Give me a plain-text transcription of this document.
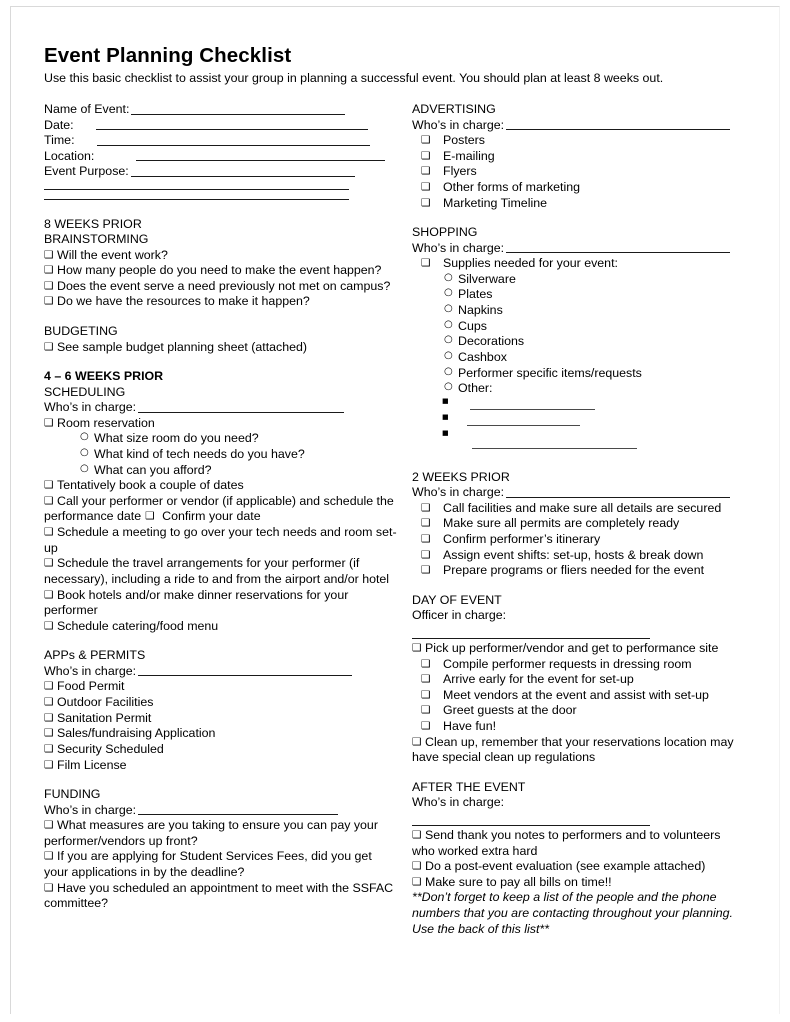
Event Planning Checklist

Use this basic checklist to assist your group in planning a successful event. You should plan at least 8 weeks out.

Name of Event:
Date:
Time:
Location:
Event Purpose:

8 WEEKS PRIOR

BRAINSTORMING

❑Will the event work?

❑How many people do you need to make the event happen?

❑Does the event serve a need previously not met on campus?

❑Do we have the resources to make it happen?

BUDGETING

❑See sample budget planning sheet (attached)

4 – 6 WEEKS PRIOR

SCHEDULING

Who’s in charge:

❑Room reservation

○
What size room do you need?

○
What kind of tech needs do you have?

○
What can you afford?

❑Tentatively book a couple of dates

❑Call your performer or vendor (if applicable) and schedule the performance date ❑ Confirm your date

❑Schedule a meeting to go over your tech needs and room set-up

❑Schedule the travel arrangements for your performer (if necessary), including a ride to and from the airport and/or hotel

❑Book hotels and/or make dinner reservations for your performer

❑Schedule catering/food menu

APPs & PERMITS

Who’s in charge:

❑Food Permit

❑Outdoor Facilities

❑Sanitation Permit

❑Sales/fundraising Application

❑Security Scheduled

❑Film License

FUNDING

Who’s in charge:

❑What measures are you taking to ensure you can pay your performer/vendors up front?

❑If you are applying for Student Services Fees, did you get your applications in by the deadline?

❑Have you scheduled an appointment to meet with the SSFAC committee?

ADVERTISING

Who’s in charge:

❑Posters

❑E-mailing

❑Flyers

❑Other forms of marketing

❑Marketing Timeline

SHOPPING

Who’s in charge:

❑Supplies needed for your event:

○
Silverware

○
Plates

○
Napkins

○
Cups

○
Decorations

○
Cashbox

○
Performer specific items/requests

○
Other:

■
■
■

2 WEEKS PRIOR

Who’s in charge:

❑Call facilities and make sure all details are secured

❑Make sure all permits are completely ready

❑Confirm performer’s itinerary

❑Assign event shifts: set-up, hosts & break down

❑Prepare programs or fliers needed for the event

DAY OF EVENT

Officer in charge:

❑Pick up performer/vendor and get to performance site

❑Compile performer requests in dressing room

❑Arrive early for the event for set-up

❑Meet vendors at the event and assist with set-up

❑Greet guests at the door

❑Have fun!

❑Clean up, remember that your reservations location may have special clean up regulations

AFTER THE EVENT

Who’s in charge:

❑Send thank you notes to performers and to volunteers who worked extra hard

❑Do a post-event evaluation (see example attached)

❑Make sure to pay all bills on time!!

**Don’t forget to keep a list of the people and the phone numbers that you are contacting throughout your planning. Use the back of this list**
